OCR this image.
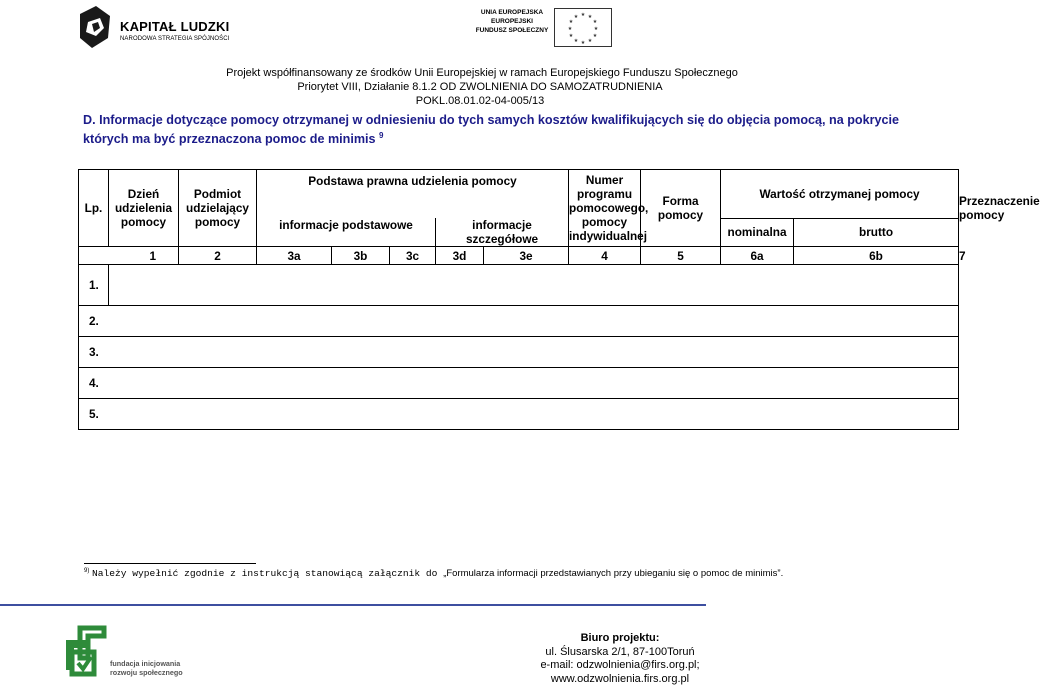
KAPITAŁ LUDZKI
NARODOWA STRATEGIA SPÓJNOŚCI
UNIA EUROPEJSKA
EUROPEJSKI
FUNDUSZ SPOŁECZNY
★ ★
★
★
★
★
★
★
★
★
★
★
Projekt współfinansowany ze środków Unii Europejskiej w ramach Europejskiego Funduszu Społecznego
Priorytet VIII, Działanie 8.1.2 OD ZWOLNIENIA DO SAMOZATRUDNIENIA
POKL.08.01.02-04-005/13
D. Informacje dotyczące pomocy otrzymanej w odniesieniu do tych samych kosztów kwalifikujących się do objęcia pomocą, na pokrycie których ma być przeznaczona pomoc de minimis $^9$
Lp.	Dzień udzielenia pomocy	Podmiot udzielający pomocy	Podstawa prawna udzielenia pomocy					Numer programu pomocowego, pomocy indywidualnej	Forma pomocy	Wartość otrzymanej pomocy		Przeznaczenie pomocy
			informacje podstawowe			informacje szczegółowe				nominalna	brutto	
1		2	3a	3b	3c	3d	3e	4	5	6a	6b	7
1.												
2.												
3.												
4.												
5.												
$^{9)}$ Należy wypełnić zgodnie z instrukcją stanowiącą załącznik do „Formularza informacji przedstawianych przy ubieganiu się o pomoc de minimis”.
fundacja inicjowania
rozwoju społecznego
Biuro projektu:
ul. Ślusarska 2/1, 87-100Toruń
e-mail: odzwolnienia@firs.org.pl;
www.odzwolnienia.firs.org.pl
